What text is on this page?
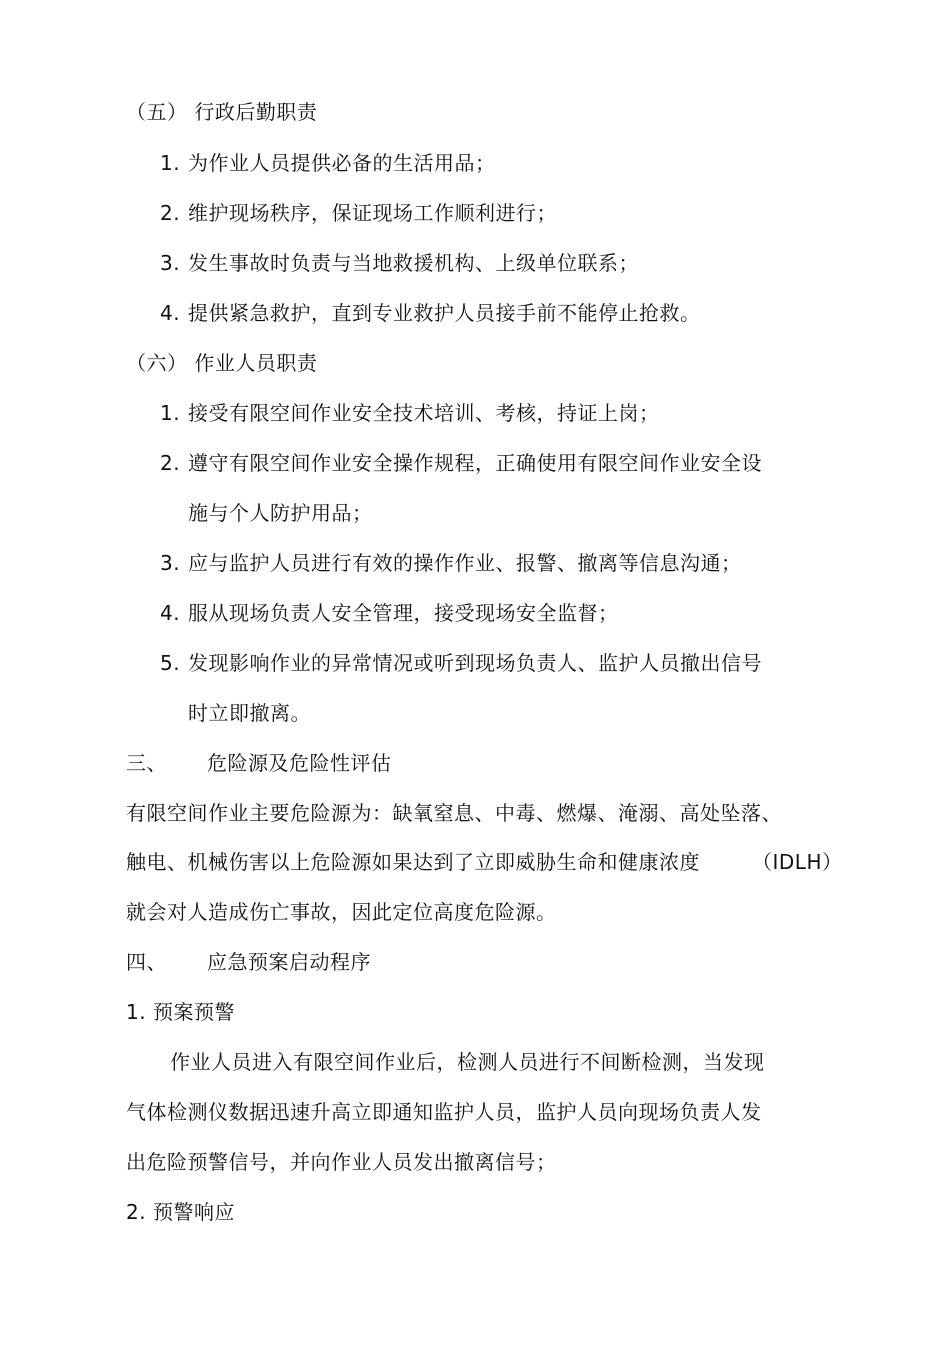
（五） 行政后勤职责
1. 为作业人员提供必备的生活用品；
2. 维护现场秩序，保证现场工作顺利进行；
3. 发生事故时负责与当地救援机构、上级单位联系；
4. 提供紧急救护，直到专业救护人员接手前不能停止抢救。
（六） 作业人员职责
1. 接受有限空间作业安全技术培训、考核，持证上岗；
2. 遵守有限空间作业安全操作规程，正确使用有限空间作业安全设
施与个人防护用品；
3. 应与监护人员进行有效的操作作业、报警、撤离等信息沟通；
4. 服从现场负责人安全管理，接受现场安全监督；
5. 发现影响作业的异常情况或听到现场负责人、监护人员撤出信号
时立即撤离。
三、 危险源及危险性评估
有限空间作业主要危险源为：缺氧窒息、中毒、燃爆、淹溺、高处坠落、
触电、机械伤害以上危险源如果达到了立即威胁生命和健康浓度	（IDLH）
就会对人造成伤亡事故，因此定位高度危险源。
四、 应急预案启动程序
1. 预案预警
作业人员进入有限空间作业后，检测人员进行不间断检测，当发现
气体检测仪数据迅速升高立即通知监护人员，监护人员向现场负责人发
出危险预警信号，并向作业人员发出撤离信号；
2. 预警响应
